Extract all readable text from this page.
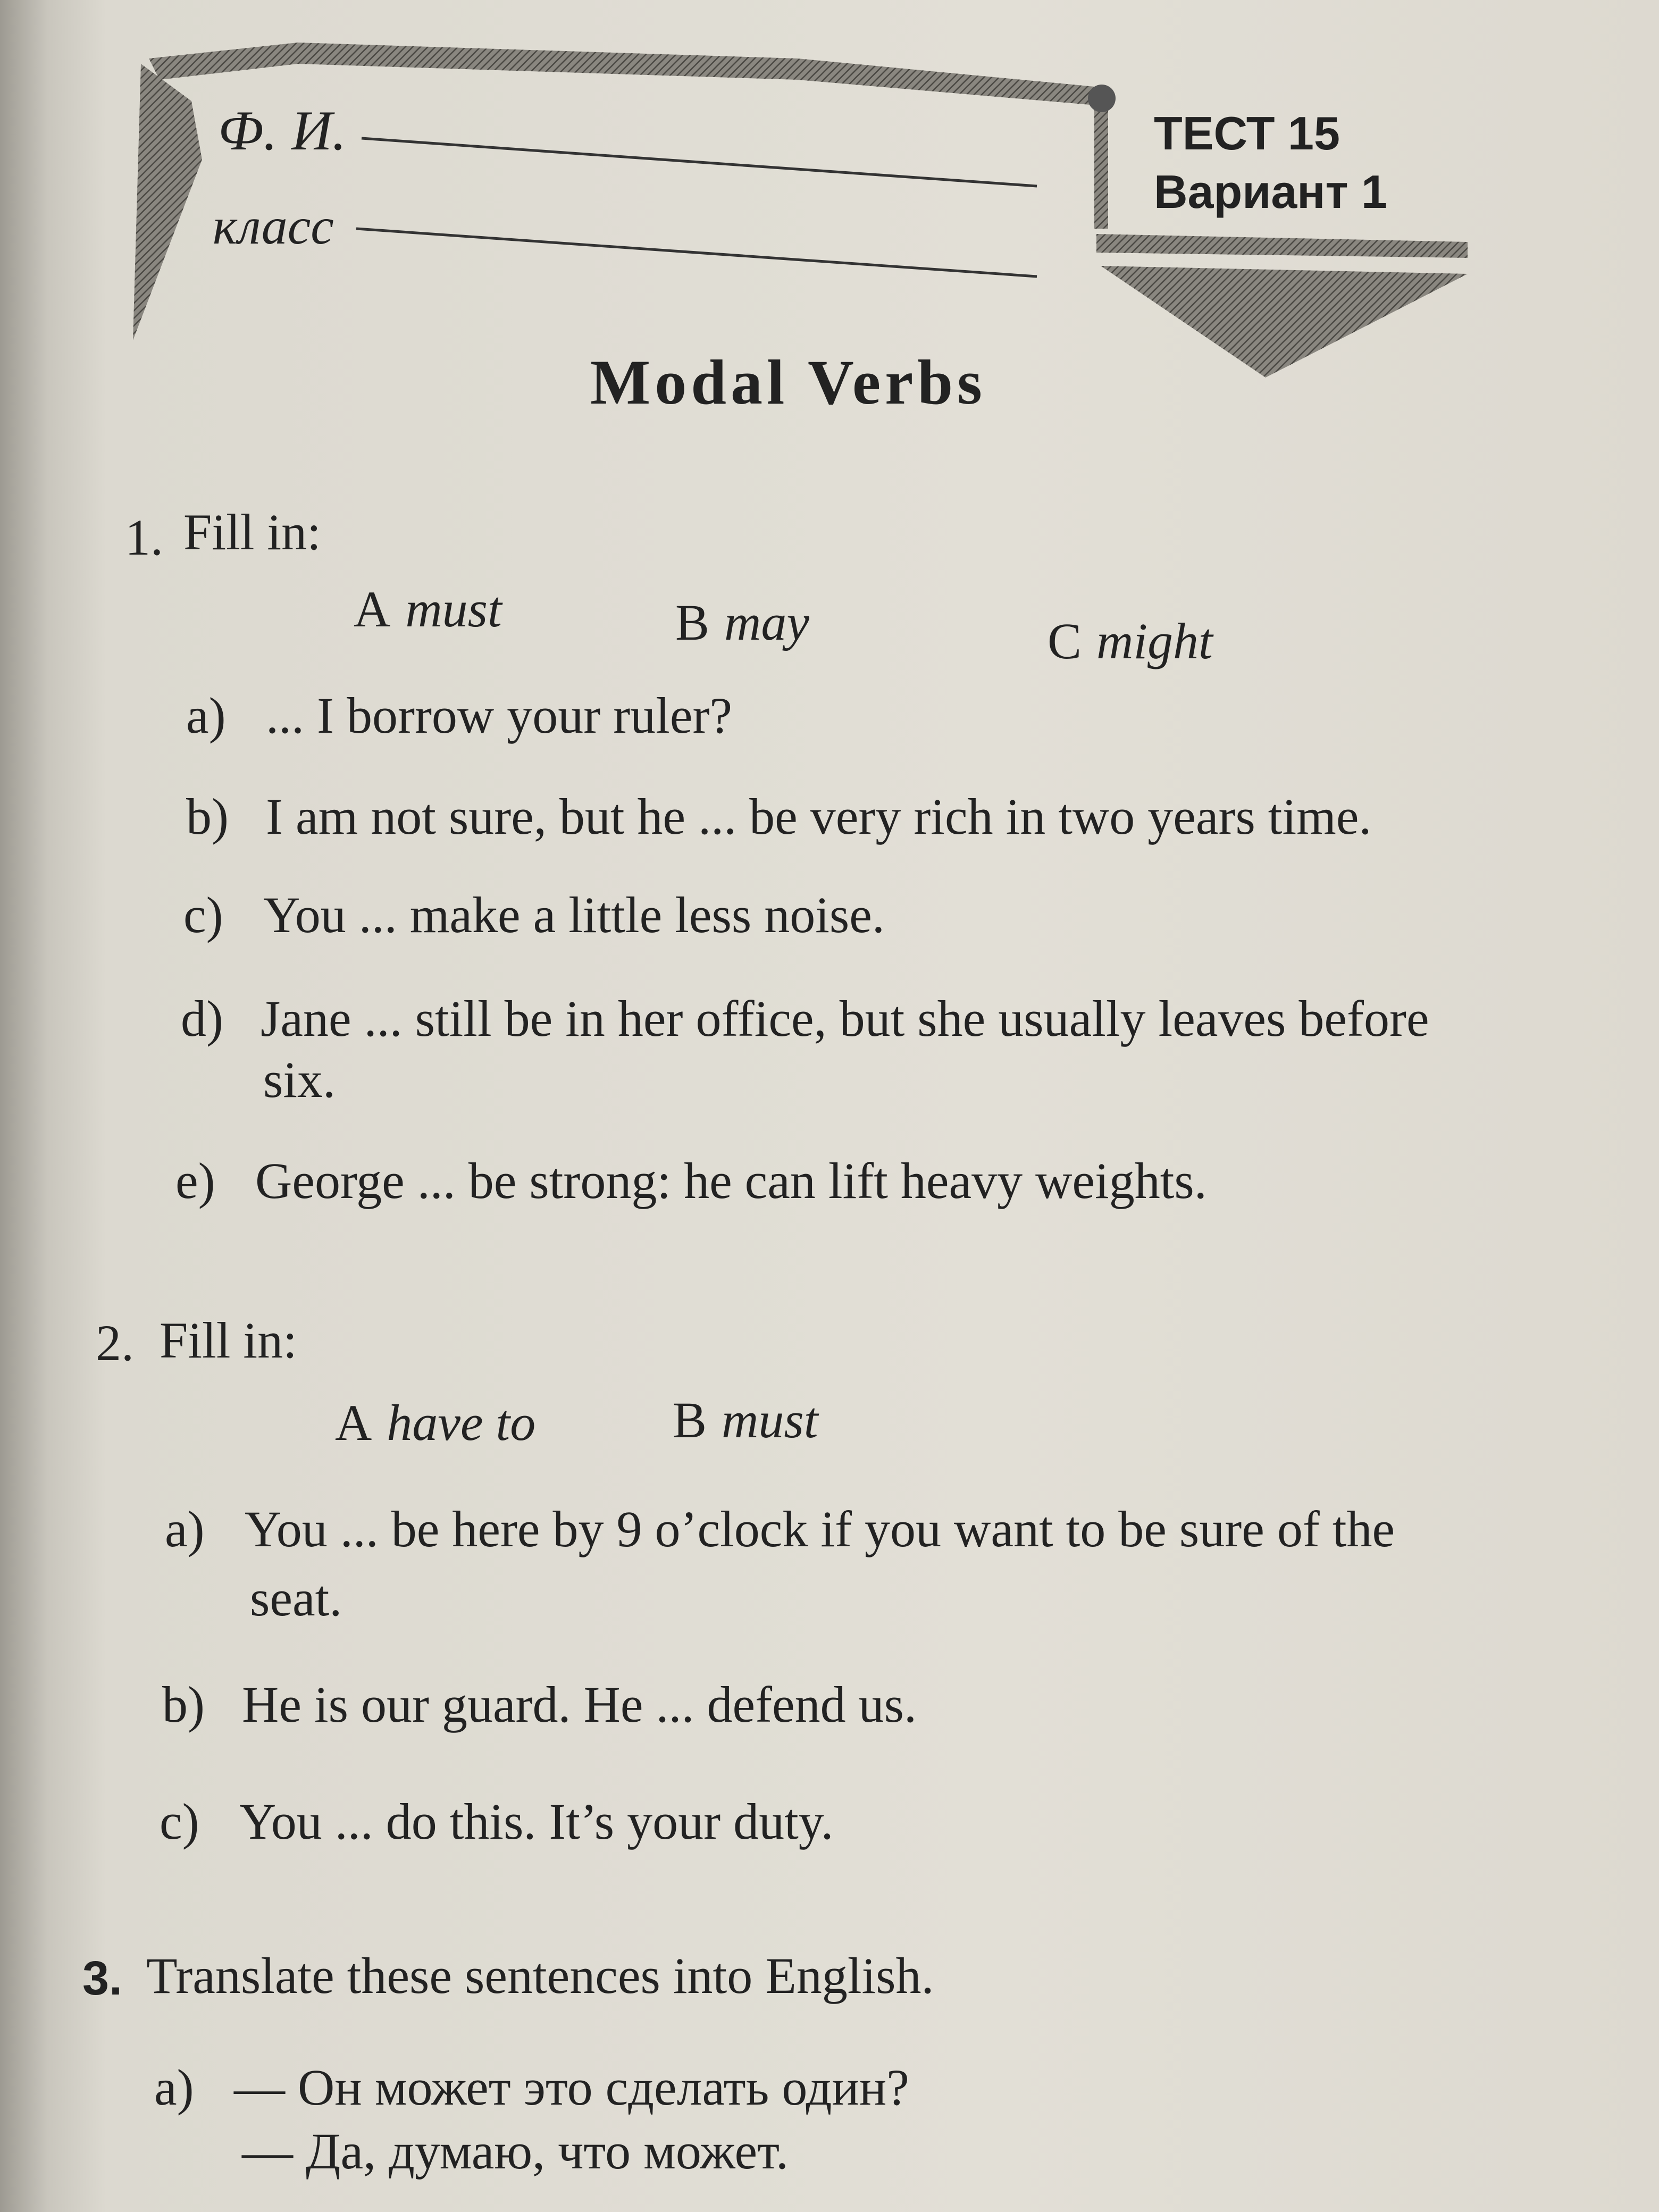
Ф. И.
класс
ТЕСТ 15
Вариант 1
Modal Verbs
1. Fill in:
A must	B may	C might
a) ... I borrow your ruler?
b) I am not sure, but he ... be very rich in two years time.
c) You ... make a little less noise.
d) Jane ... still be in her office, but she usually leaves before
six.
e) George ... be strong: he can lift heavy weights.
2. Fill in:
A have to	B must
a) You ... be here by 9 o’clock if you want to be sure of the
seat.
b) He is our guard. He ... defend us.
c) You ... do this. It’s your duty.
3. Translate these sentences into English.
a) — Он может это сделать один?
— Да, думаю, что может.
